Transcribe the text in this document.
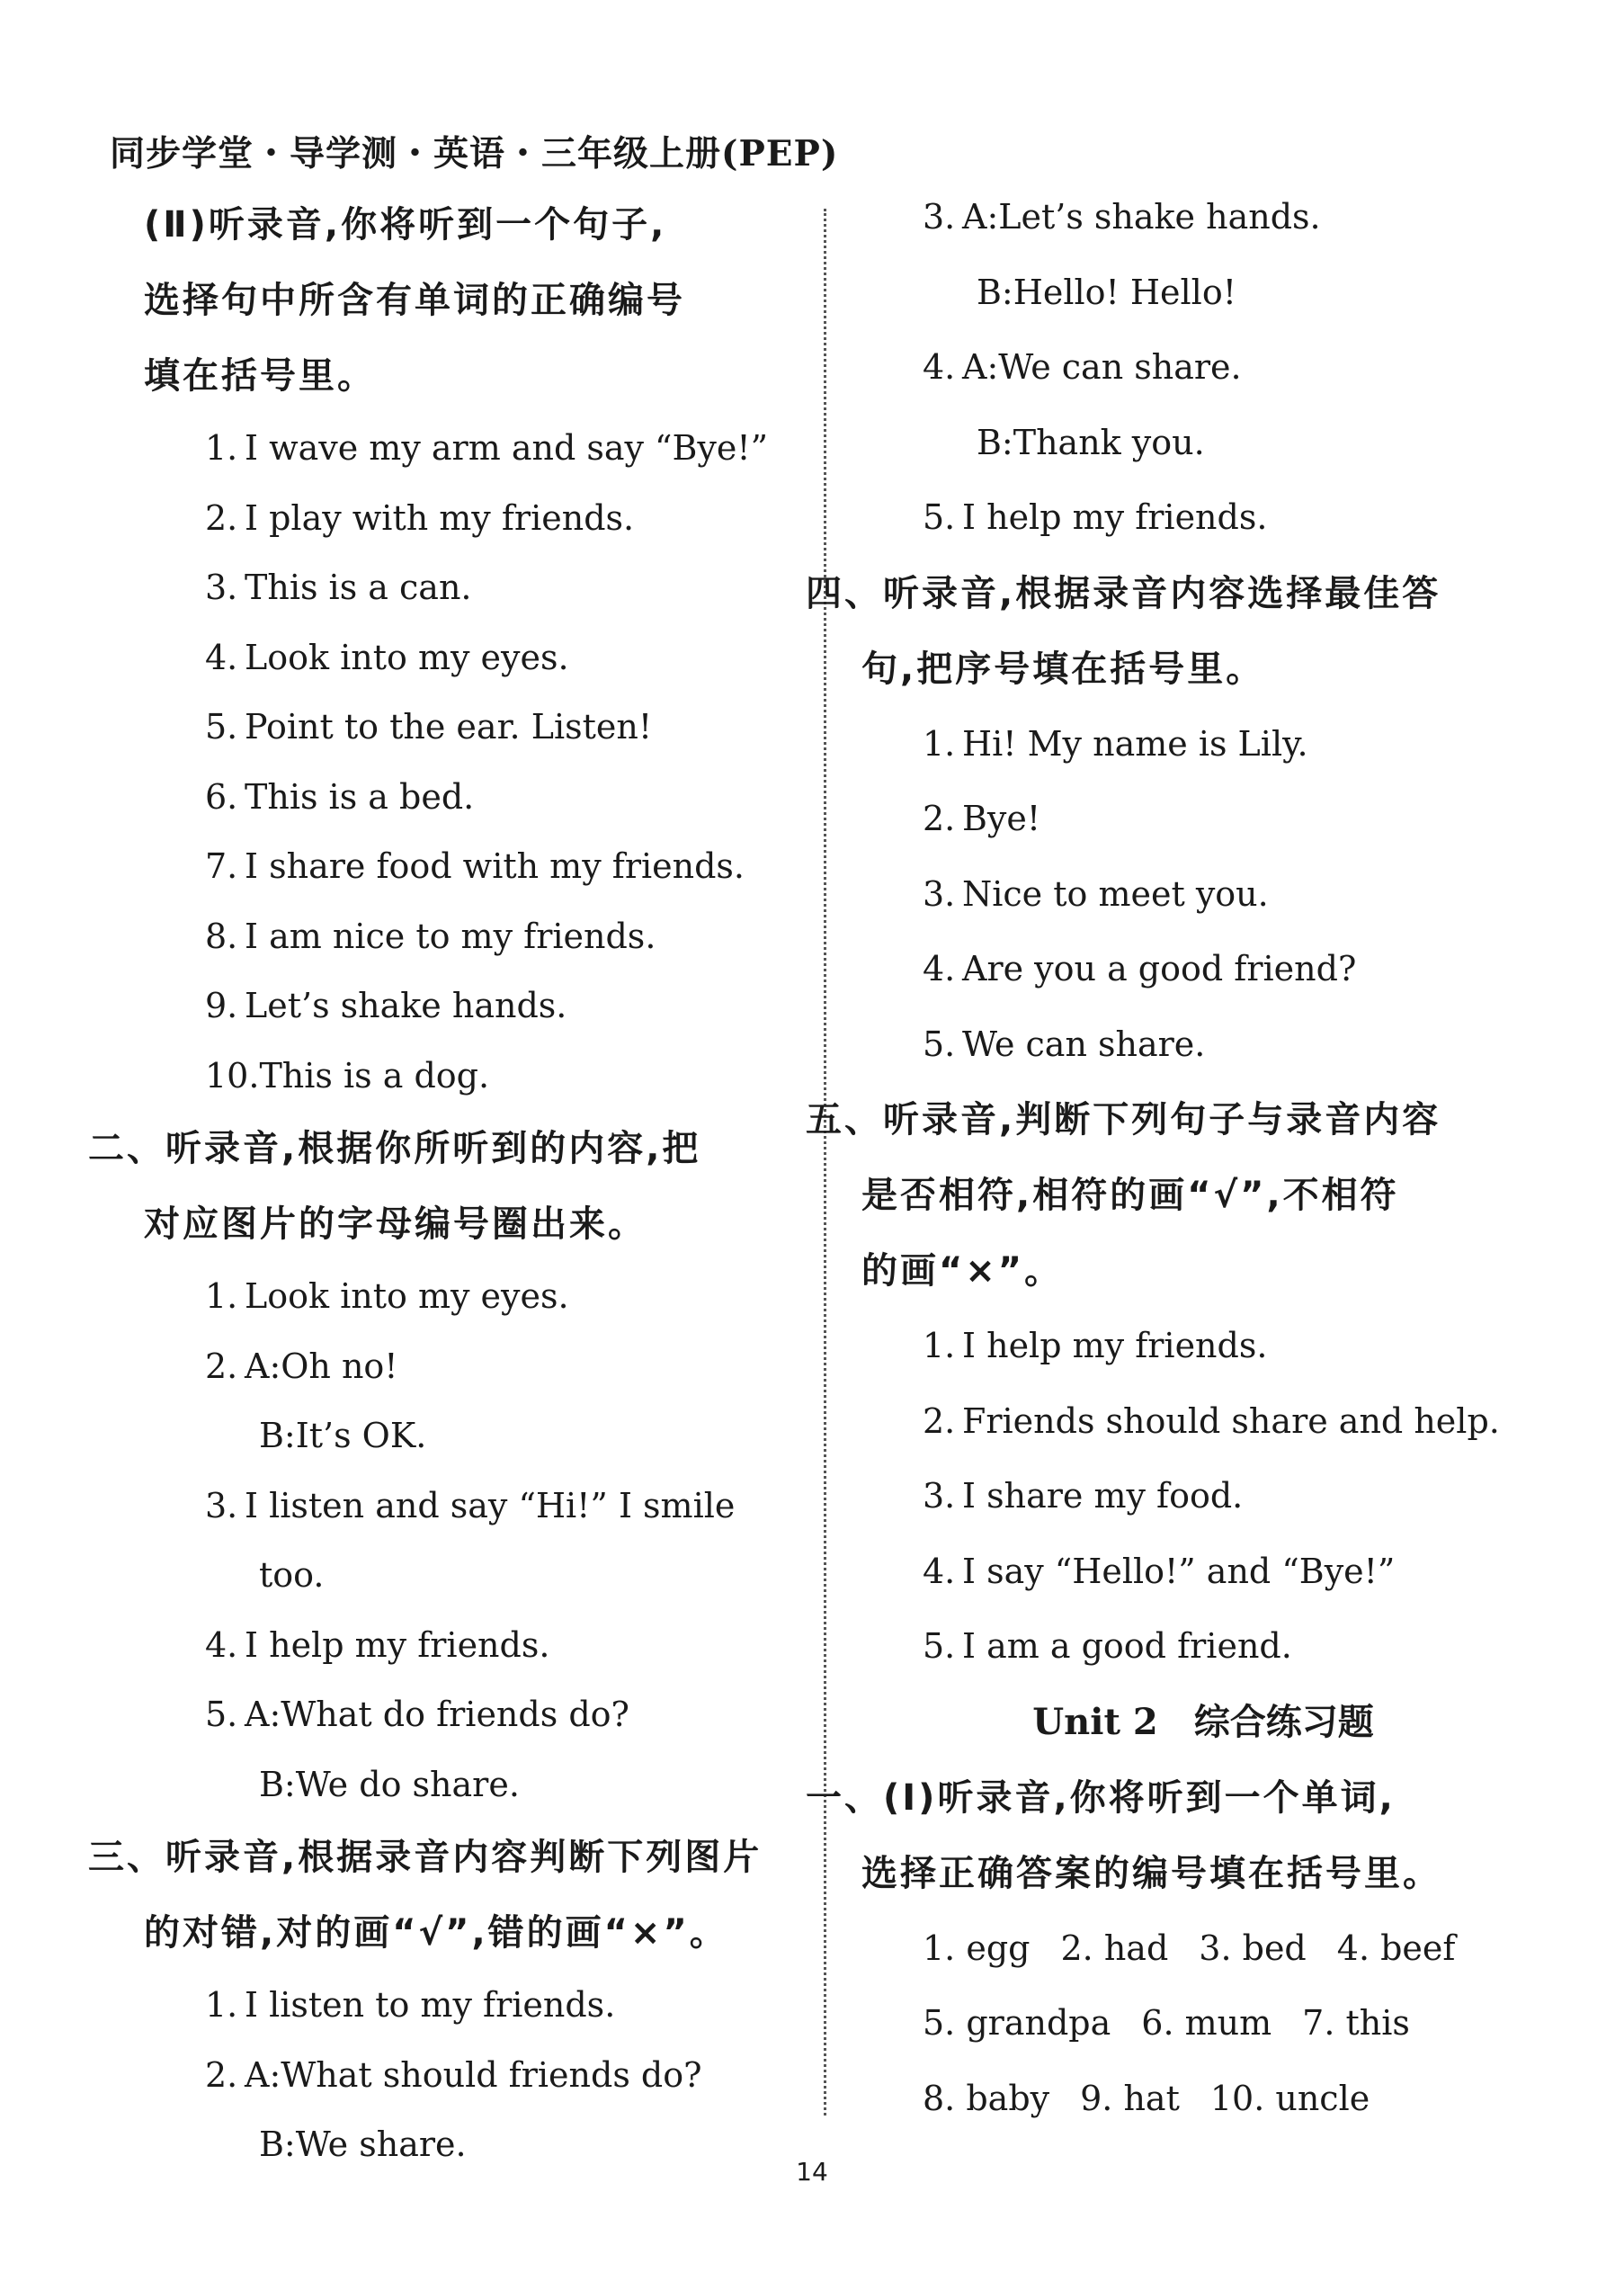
同步学堂・导学测・英语・三年级上册(PEP)
(Ⅱ)听录音,你将听到一个句子,
选择句中所含有单词的正确编号
填在括号里。
1. I wave my arm and say “Bye!”
2. I play with my friends.
3. This is a can.
4. Look into my eyes.
5. Point to the ear. Listen!
6. This is a bed.
7. I share food with my friends.
8. I am nice to my friends.
9. Let’s shake hands.
10.This is a dog.
二、听录音,根据你所听到的内容,把
对应图片的字母编号圈出来。
1. Look into my eyes.
2. A:Oh no!
B:It’s OK.
3. I listen and say “Hi!” I smile
too.
4. I help my friends.
5. A:What do friends do?
B:We do share.
三、听录音,根据录音内容判断下列图片
的对错,对的画“√”,错的画“×”。
1. I listen to my friends.
2. A:What should friends do?
B:We share.
3. A:Let’s shake hands.
B:Hello! Hello!
4. A:We can share.
B:Thank you.
5. I help my friends.
四、听录音,根据录音内容选择最佳答
句,把序号填在括号里。
1. Hi! My name is Lily.
2. Bye!
3. Nice to meet you.
4. Are you a good friend?
5. We can share.
五、听录音,判断下列句子与录音内容
是否相符,相符的画“√”,不相符
的画“×”。
1. I help my friends.
2. Friends should share and help.
3. I share my food.
4. I say “Hello!” and “Bye!”
5. I am a good friend.
Unit 2　综合练习题
一、(Ⅰ)听录音,你将听到一个单词,
选择正确答案的编号填在括号里。
1. egg 2. had 3. bed 4. beef
5. grandpa 6. mum 7. this
8. baby 9. hat 10. uncle
14
